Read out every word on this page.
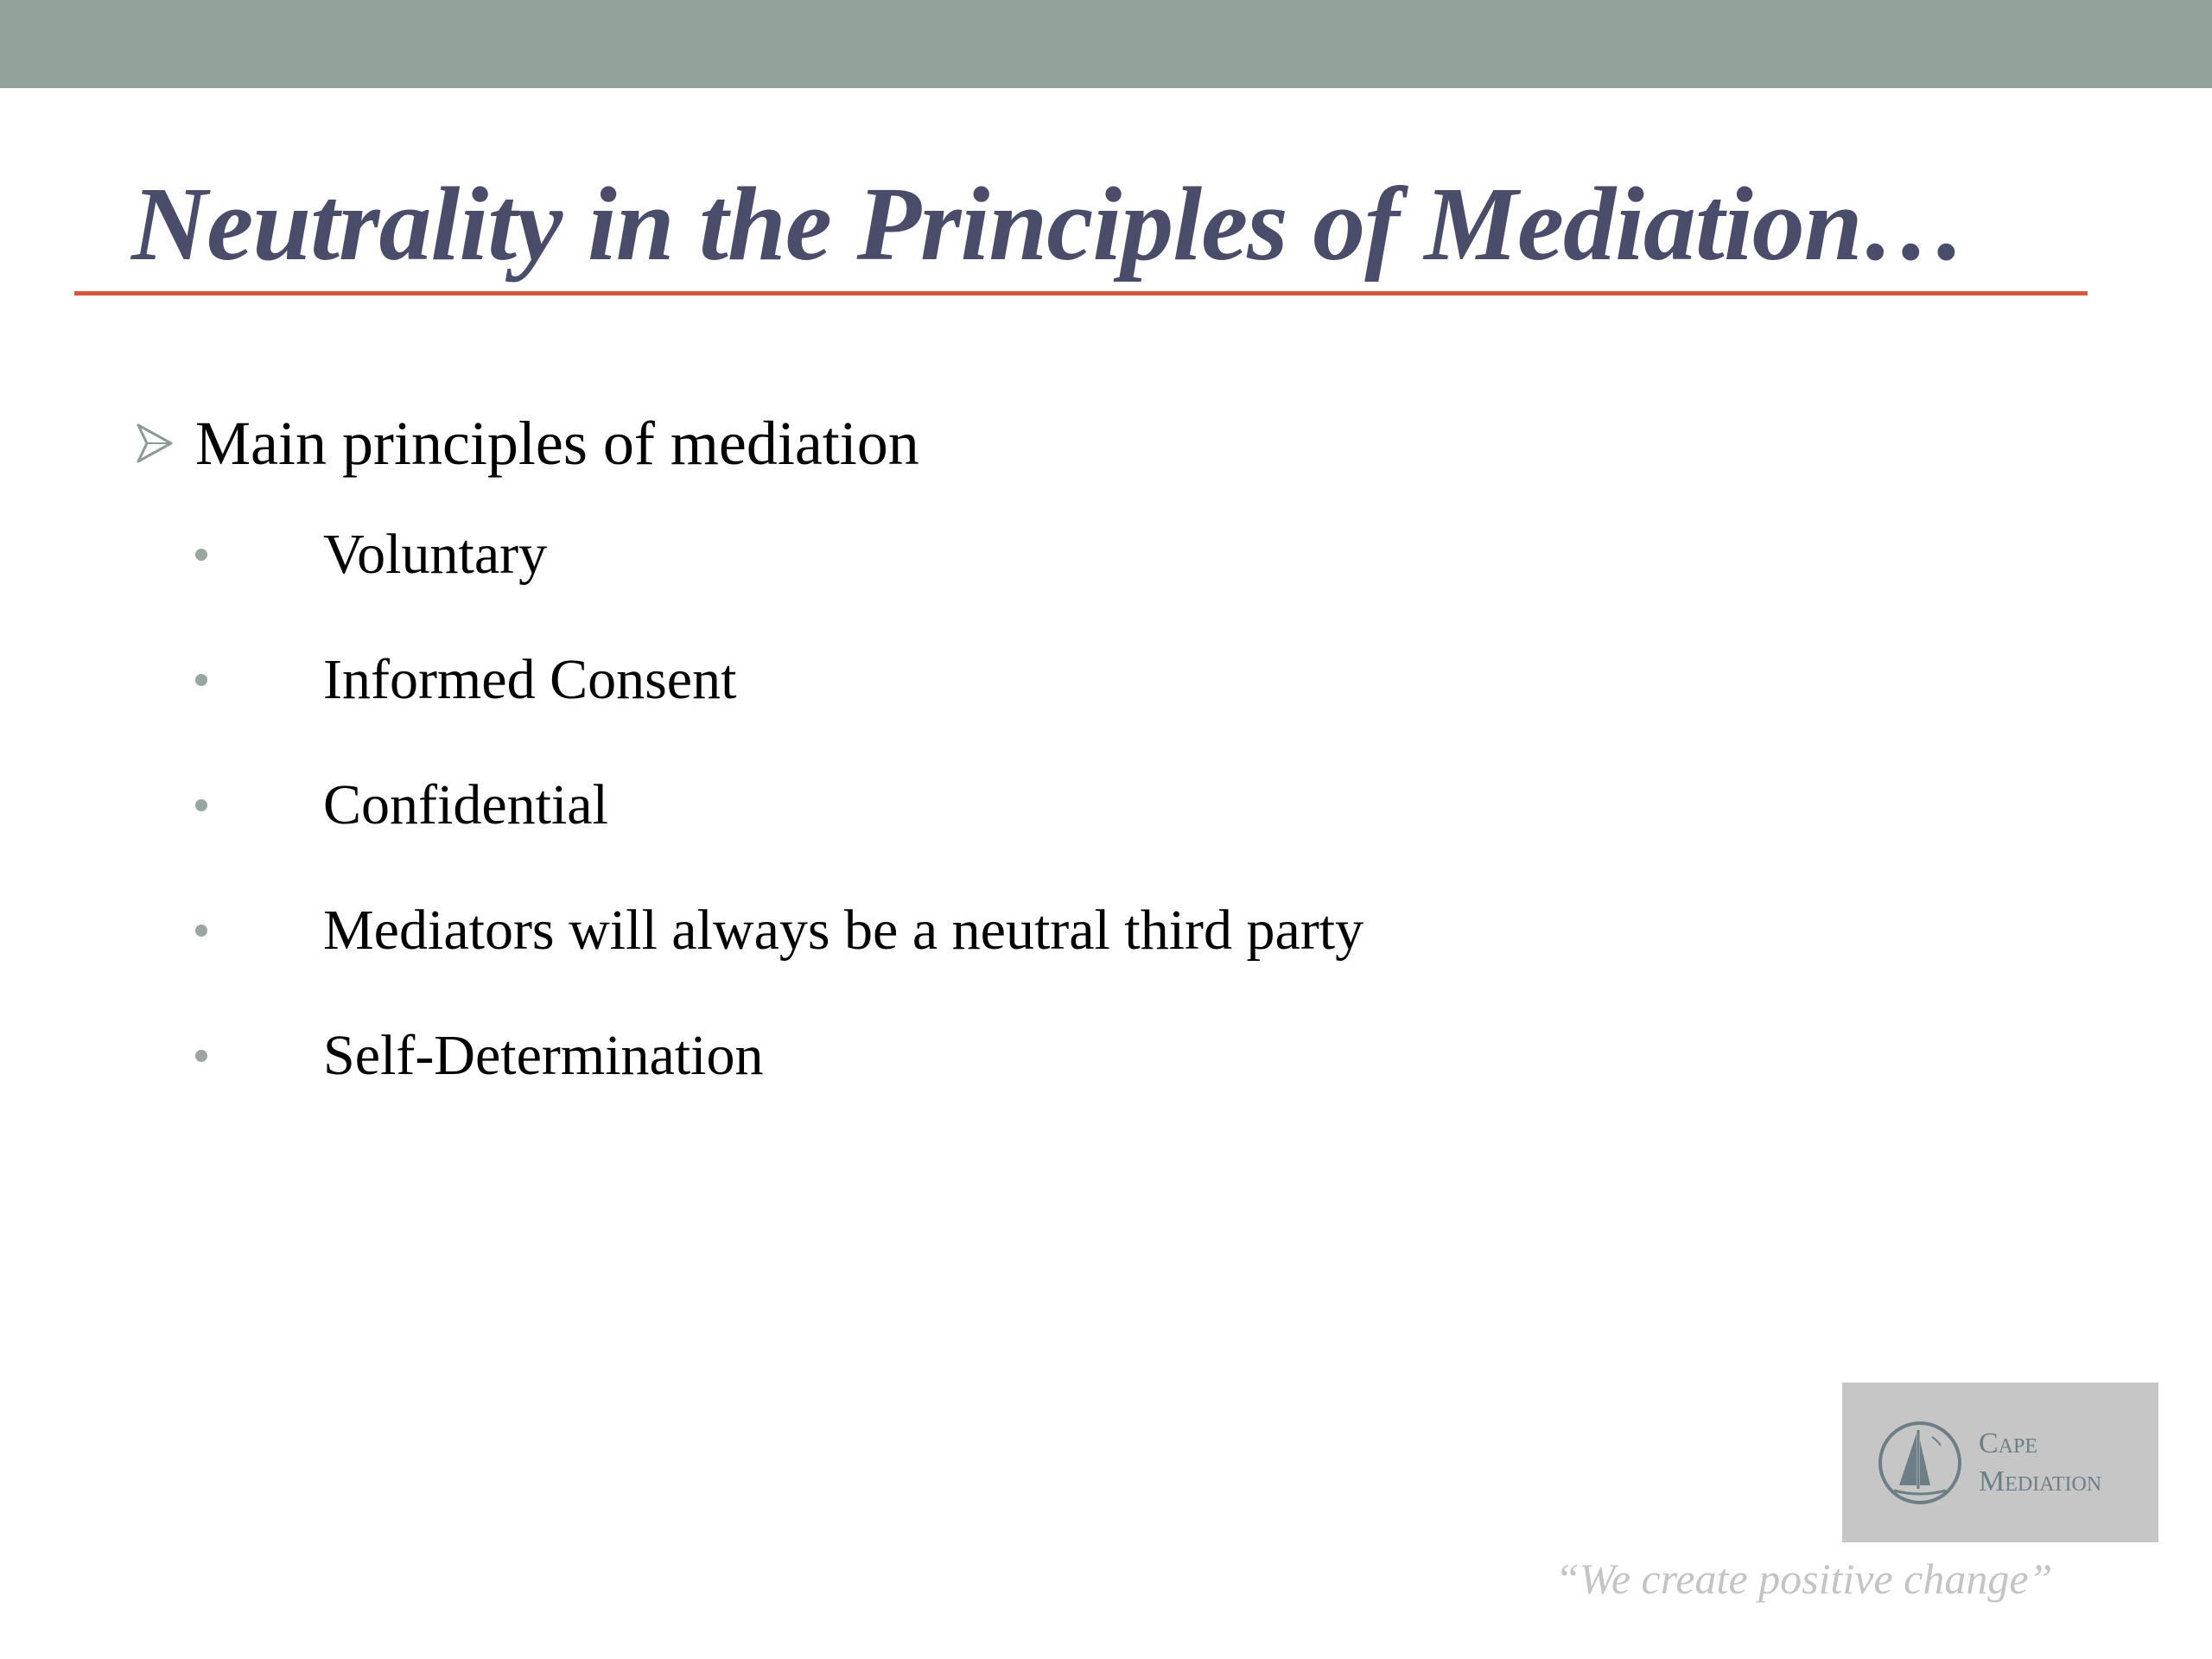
Neutrality in the Principles of Mediation…
Main principles of mediation
Voluntary
Informed Consent
Confidential
Mediators will always be a neutral third party
Self-Determination
Cape
Mediation
“We create positive change”
